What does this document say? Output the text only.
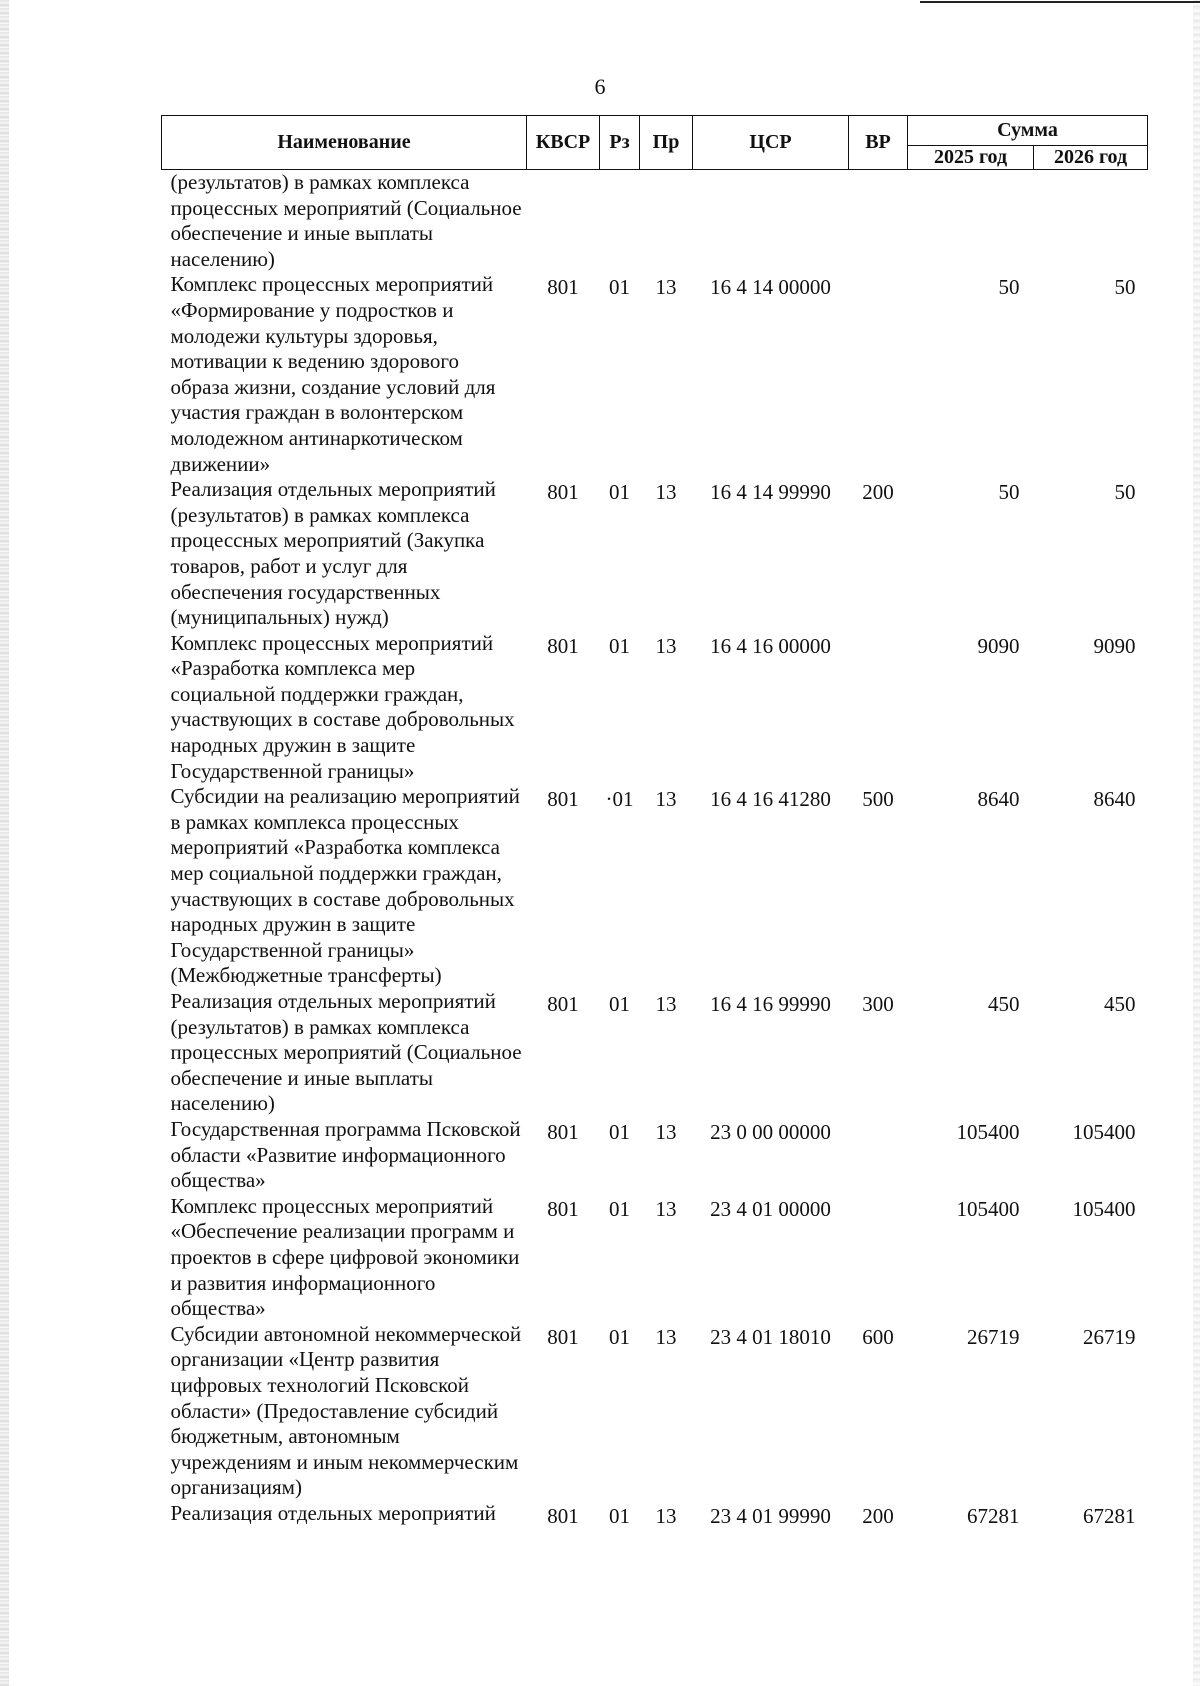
6
Наименование	КВСР	Рз	Пр	ЦСР	ВР	Сумма	
						2025 год	2026 год
(результатов) в рамках комплекса процессных мероприятий (Социальное обеспечение и иные выплаты населению)							
Комплекс процессных мероприятий «Формирование у подростков и молодежи культуры здоровья, мотивации к ведению здорового образа жизни, создание условий для участия граждан в волонтерском молодежном антинаркотическом движении»	801	01	13	16 4 14 00000		50	50
Реализация отдельных мероприятий (результатов) в рамках комплекса процессных мероприятий (Закупка товаров, работ и услуг для обеспечения государственных (муниципальных) нужд)	801	01	13	16 4 14 99990	200	50	50
Комплекс процессных мероприятий «Разработка комплекса мер социальной поддержки граждан, участвующих в составе добровольных народных дружин в защите Государственной границы»	801	01	13	16 4 16 00000		9090	9090
Субсидии на реализацию мероприятий в рамках комплекса процессных мероприятий «Разработка комплекса мер социальной поддержки граждан, участвующих в составе добровольных народных дружин в защите Государственной границы» (Межбюджетные трансферты)	801	·01	13	16 4 16 41280	500	8640	8640
Реализация отдельных мероприятий (результатов) в рамках комплекса процессных мероприятий (Социальное обеспечение и иные выплаты населению)	801	01	13	16 4 16 99990	300	450	450
Государственная программа Псковской области «Развитие информационного общества»	801	01	13	23 0 00 00000		105400	105400
Комплекс процессных мероприятий «Обеспечение реализации программ и проектов в сфере цифровой экономики и развития информационного общества»	801	01	13	23 4 01 00000		105400	105400
Субсидии автономной некоммерческой организации «Центр развития цифровых технологий Псковской области» (Предоставление субсидий бюджетным, автономным учреждениям и иным некоммерческим организациям)	801	01	13	23 4 01 18010	600	26719	26719
Реализация отдельных мероприятий	801	01	13	23 4 01 99990	200	67281	67281
